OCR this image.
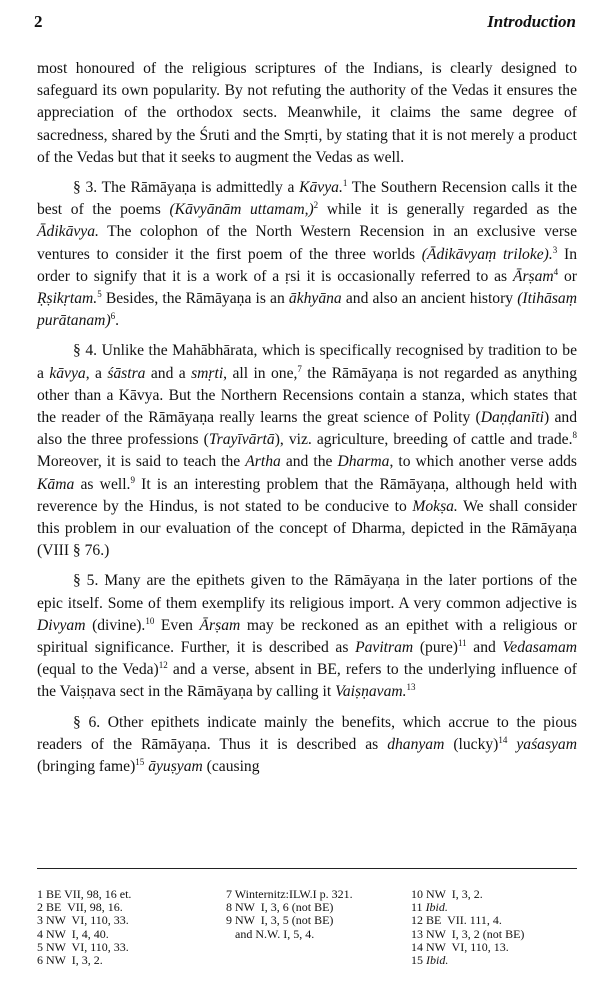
2	Introduction

most honoured of the religious scriptures of the Indians, is clearly designed to safeguard its own popularity. By not refuting the authority of the Vedas it ensures the appreciation of the orthodox sects. Meanwhile, it claims the same degree of sacredness, shared by the Śruti and the Smṛti, by stating that it is not merely a product of the Vedas but that it seeks to augment the Vedas as well.

§ 3. The Rāmāyaṇa is admittedly a Kāvya.$^1$ The Southern Recension calls it the best of the poems (Kāvyānām uttamam,)$^2$ while it is generally regarded as the Ādikāvya. The colophon of the North Western Recension in an exclusive verse ventures to consider it the first poem of the three worlds (Ādikāvyaṃ triloke).$^3$ In order to signify that it is a work of a ṛsi it is occasionally referred to as Ārṣam$^4$ or Ṛṣikṛtam.$^5$ Besides, the Rāmāyaṇa is an ākhyāna and also an ancient history (Itihāsaṃ purātanam)$^6$.

§ 4. Unlike the Mahābhārata, which is specifically recognised by tradition to be a kāvya, a śāstra and a smṛti, all in one,$^7$ the Rāmāyaṇa is not regarded as anything other than a Kāvya. But the Northern Recensions contain a stanza, which states that the reader of the Rāmāyaṇa really learns the great science of Polity (Daṇḍanīti) and also the three professions (Trayīvārtā), viz. agriculture, breeding of cattle and trade.$^8$ Moreover, it is said to teach the Artha and the Dharma, to which another verse adds Kāma as well.$^9$ It is an interesting problem that the Rāmāyaṇa, although held with reverence by the Hindus, is not stated to be conducive to Mokṣa. We shall consider this problem in our evaluation of the concept of Dharma, depicted in the Rāmāyaṇa (VIII § 76.)

§ 5. Many are the epithets given to the Rāmāyaṇa in the later portions of the epic itself. Some of them exemplify its religious import. A very common adjective is Divyam (divine).$^{10}$ Even Ārṣam may be reckoned as an epithet with a religious or spiritual significance. Further, it is described as Pavitram (pure)$^{11}$ and Vedasamam (equal to the Veda)$^{12}$ and a verse, absent in BE, refers to the underlying influence of the Vaiṣṇava sect in the Rāmāyaṇa by calling it Vaiṣṇavam.$^{13}$

§ 6. Other epithets indicate mainly the benefits, which accrue to the pious readers of the Rāmāyaṇa. Thus it is described as dhanyam (lucky)$^{14}$ yaśasyam (bringing fame)$^{15}$ āyuṣyam (causing

1 BE VII, 98, 16 et.
2 BE  VII, 98, 16.
3 NW  VI, 110, 33.
4 NW  I, 4, 40.
5 NW  VI, 110, 33.
6 NW  I, 3, 2.
7 Winternitz:ILW.I p. 321.
8 NW  I, 3, 6 (not BE)
9 NW  I, 3, 5 (not BE)
and N.W. I, 5, 4.
10 NW  I, 3, 2.
11 Ibid.
12 BE  VII. 111, 4.
13 NW  I, 3, 2 (not BE)
14 NW  VI, 110, 13.
15 Ibid.
